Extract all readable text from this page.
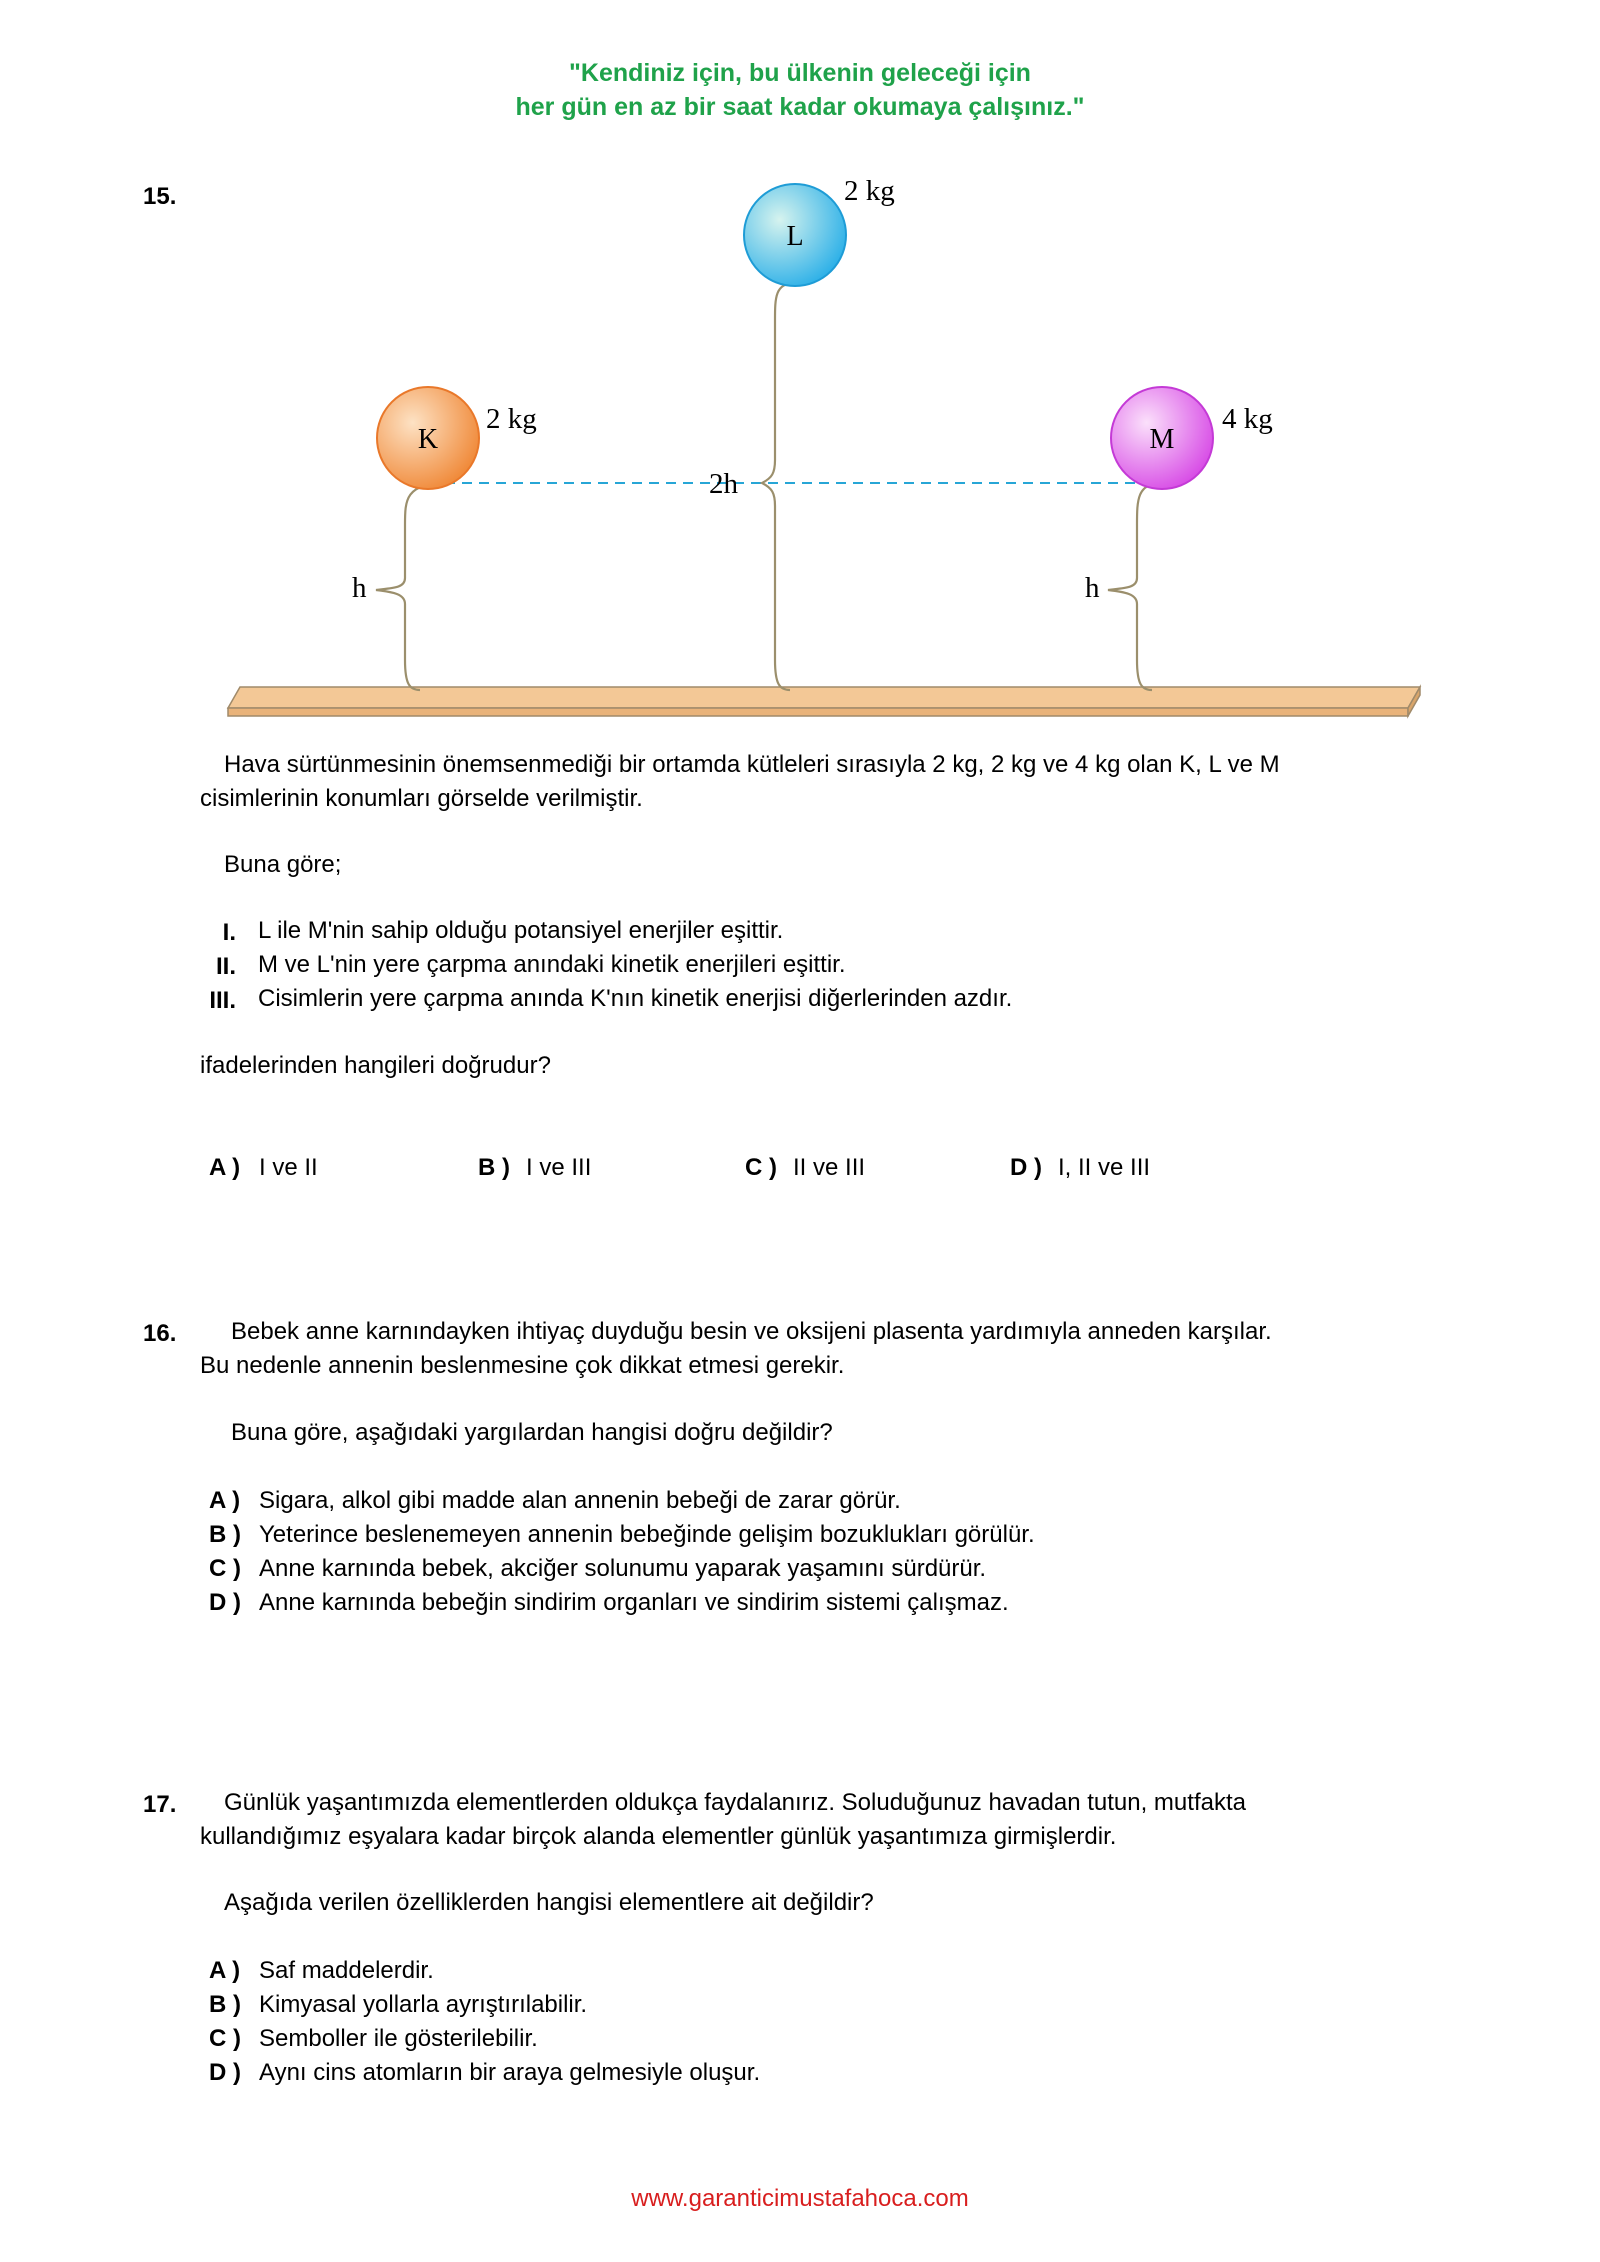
"Kendiniz için, bu ülkenin geleceği için
her gün en az bir saat kadar okumaya çalışınız."
15.
K
L
M
2 kg
2 kg
4 kg
h
2h
h
Hava sürtünmesinin önemsenmediği bir ortamda kütleleri sırasıyla 2 kg, 2 kg ve 4 kg olan K, L ve M
cisimlerinin konumları görselde verilmiştir.
Buna göre;
I. L ile M'nin sahip olduğu potansiyel enerjiler eşittir.
II. M ve L'nin yere çarpma anındaki kinetik enerjileri eşittir.
III. Cisimlerin yere çarpma anında K'nın kinetik enerjisi diğerlerinden azdır.
ifadelerinden hangileri doğrudur?
A ) I ve II	B ) I ve III	C ) II ve III	D ) I, II ve III
16. Bebek anne karnındayken ihtiyaç duyduğu besin ve oksijeni plasenta yardımıyla anneden karşılar.
Bu nedenle annenin beslenmesine çok dikkat etmesi gerekir.
Buna göre, aşağıdaki yargılardan hangisi doğru değildir?
A ) Sigara, alkol gibi madde alan annenin bebeği de zarar görür.
B ) Yeterince beslenemeyen annenin bebeğinde gelişim bozuklukları görülür.
C ) Anne karnında bebek, akciğer solunumu yaparak yaşamını sürdürür.
D ) Anne karnında bebeğin sindirim organları ve sindirim sistemi çalışmaz.
17. Günlük yaşantımızda elementlerden oldukça faydalanırız. Soluduğunuz havadan tutun, mutfakta
kullandığımız eşyalara kadar birçok alanda elementler günlük yaşantımıza girmişlerdir.
Aşağıda verilen özelliklerden hangisi elementlere ait değildir?
A ) Saf maddelerdir.
B ) Kimyasal yollarla ayrıştırılabilir.
C ) Semboller ile gösterilebilir.
D ) Aynı cins atomların bir araya gelmesiyle oluşur.
www.garanticimustafahoca.com
